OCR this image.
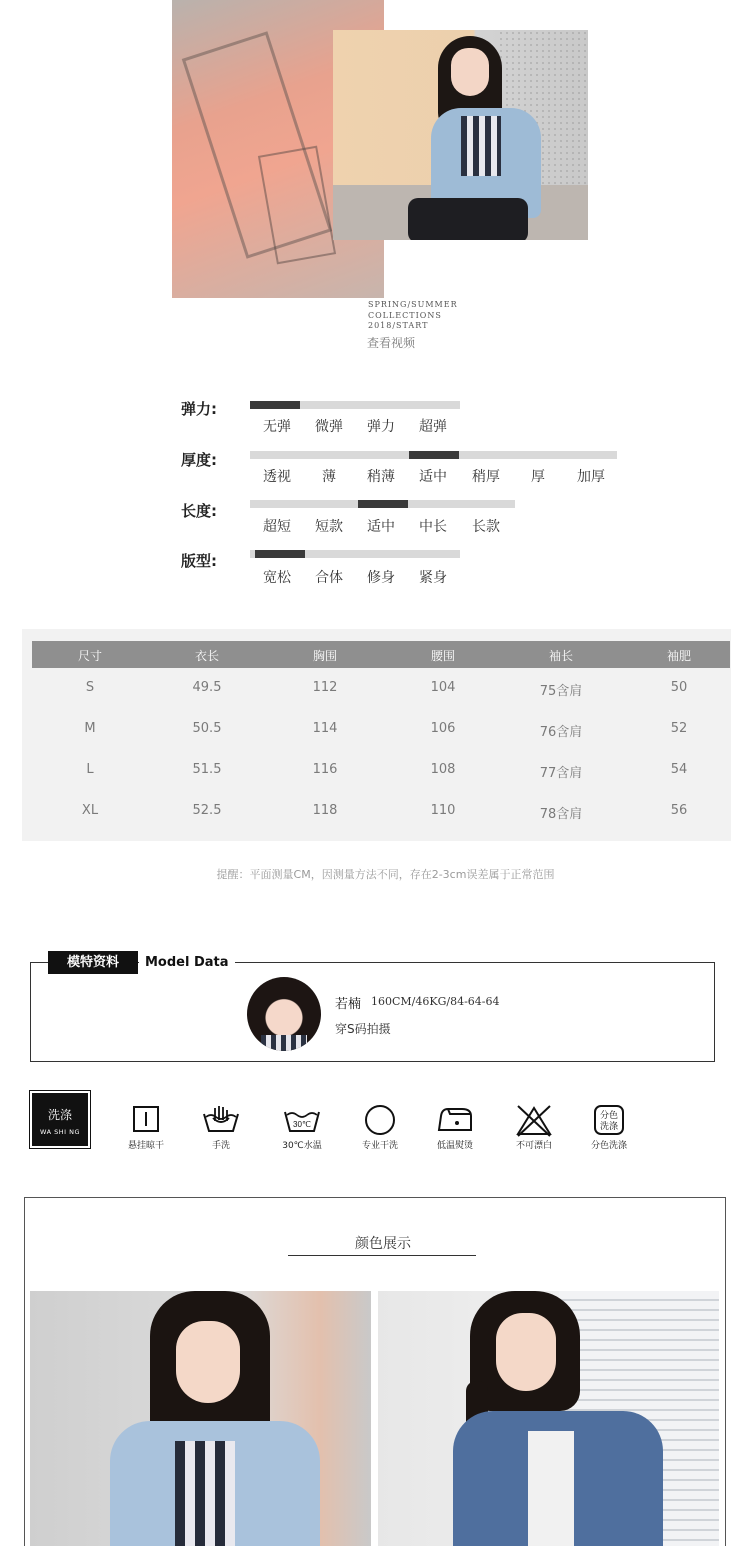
SPRING/SUMMER
COLLECTIONS
2018/START
查看视频
弹力:
无弹	微弹	弹力	超弹
厚度:
透视	薄	稍薄	适中	稍厚	厚	加厚
长度:
超短	短款	适中	中长	长款
版型:
宽松	合体	修身	紧身
尺寸	衣长	胸围	腰围	袖长	袖肥
S	49.5	112	104	75含肩	50
M	50.5	114	106	76含肩	52
L	51.5	116	108	77含肩	54
XL	52.5	118	110	78含肩	56
提醒：平面测量CM，因测量方法不同，存在2-3cm误差属于正常范围
模特资料	Model Data
若楠 160CM/46KG/84-64-64
穿S码拍摄
洗涤
WA SHI NG
悬挂晾干	手洗
30℃
30℃水温	专业干洗	低温熨烫	不可漂白
分色
洗涤
分色洗涤
颜色展示
